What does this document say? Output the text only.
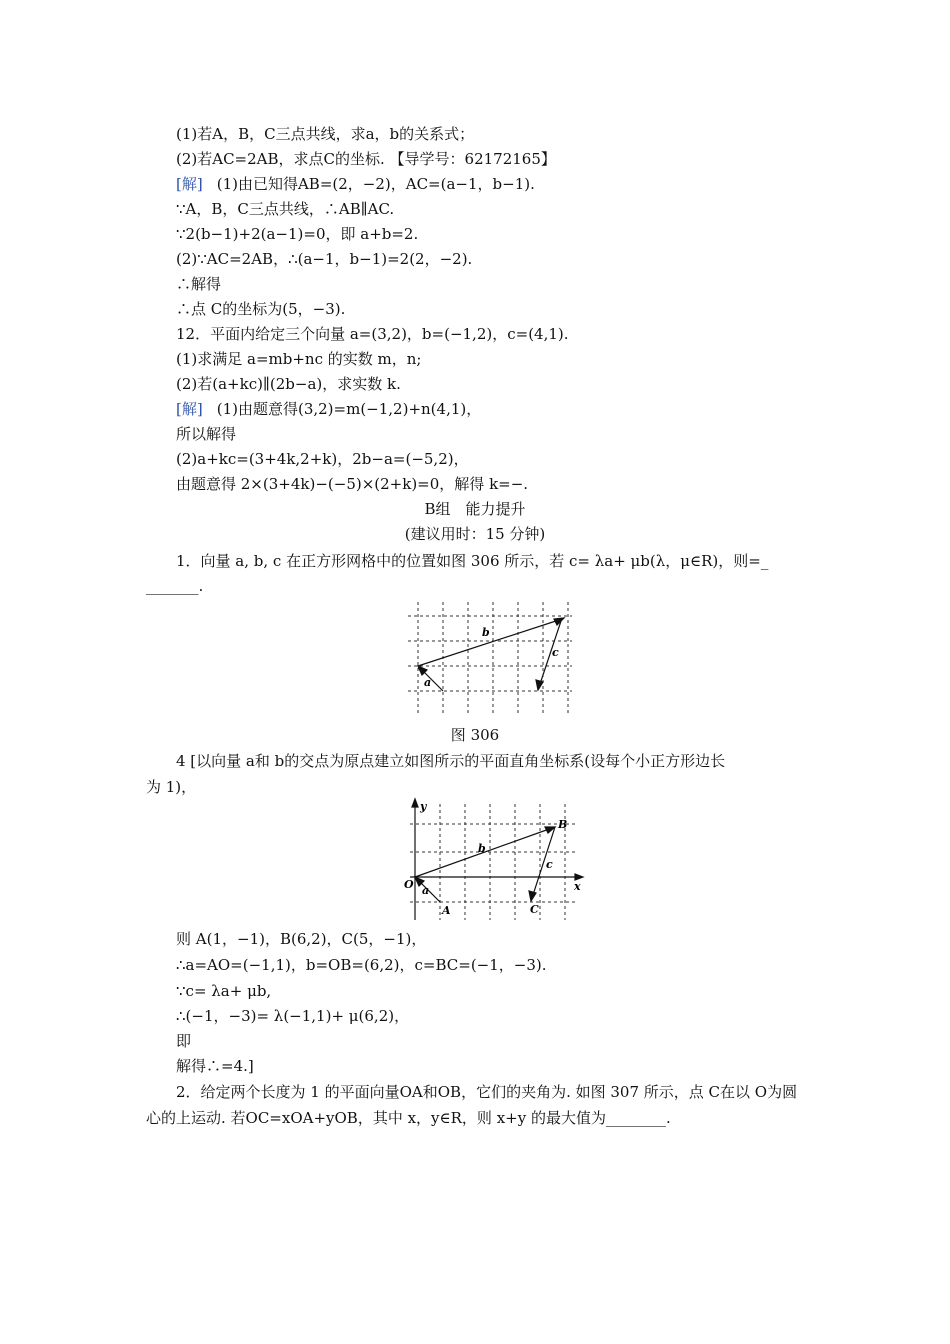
(1)若A，B，C三点共线，求a，b的关系式；
(2)若AC=2AB，求点C的坐标. 【导学号：62172165】
[解] (1)由已知得AB=(2，−2)，AC=(a−1，b−1).
∵A，B，C三点共线，∴AB∥AC.
∵2(b−1)+2(a−1)=0，即 a+b=2.
(2)∵AC=2AB，∴(a−1，b−1)=2(2，−2).
∴解得
∴点 C的坐标为(5，−3).
12．平面内给定三个向量 a=(3,2)，b=(−1,2)，c=(4,1).
(1)求满足 a=mb+nc 的实数 m，n;
(2)若(a+kc)∥(2b−a)，求实数 k.
[解] (1)由题意得(3,2)=m(−1,2)+n(4,1)，
所以解得
(2)a+kc=(3+4k,2+k)，2b−a=(−5,2)，
由题意得 2×(3+4k)−(−5)×(2+k)=0，解得 k=−.
B组　能力提升
(建议用时：15 分钟)
1．向量 a, b, c 在正方形网格中的位置如图 306 所示，若 c= λa+ μb(λ，μ∈R)，则=_
_______.
b
a
c
图 306
4 [以向量 a和 b的交点为原点建立如图所示的平面直角坐标系(设每个小正方形边长
为 1)，
y
x
O
A
B
C
a
b
c
则 A(1，−1)，B(6,2)，C(5，−1)，
∴a=AO=(−1,1)，b=OB=(6,2)，c=BC=(−1，−3).
∵c= λa+ μb,
∴(−1，−3)= λ(−1,1)+ μ(6,2)，
即
解得∴=4.]
2．给定两个长度为 1 的平面向量OA和OB，它们的夹角为. 如图 307 所示，点 C在以 O为圆
心的上运动. 若OC=xOA+yOB，其中 x，y∈R，则 x+y 的最大值为________.
